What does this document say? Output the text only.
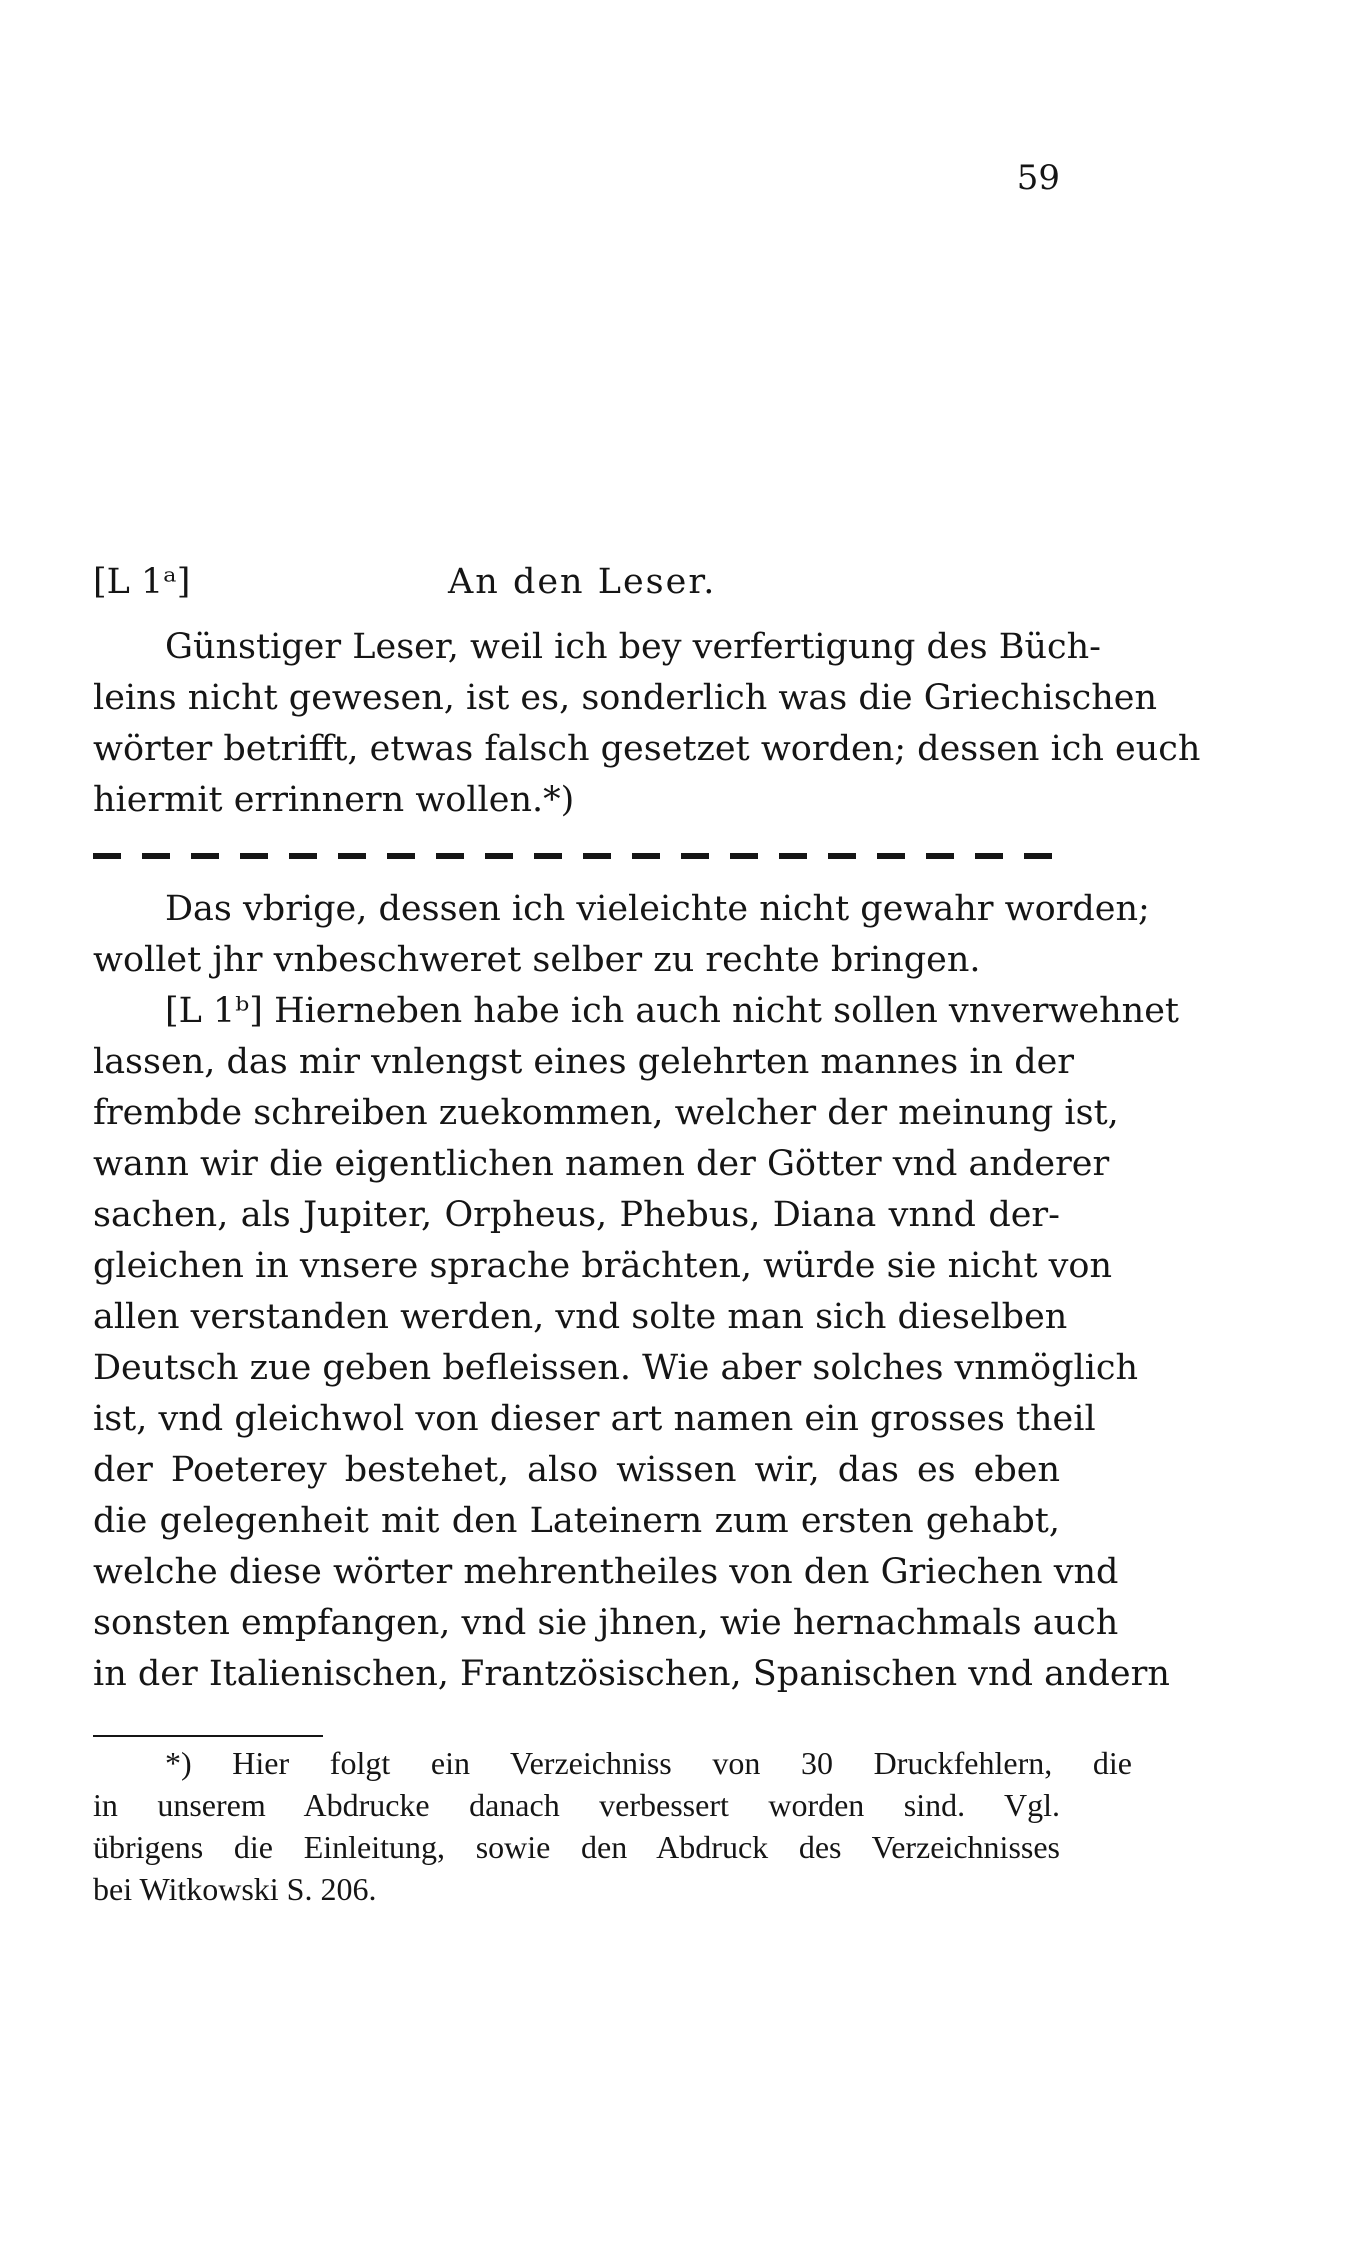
59
[L 1ᵃ]	An den Leser.
Günstiger Leser, weil ich bey verfertigung des Büch-
leins nicht gewesen, ist es, sonderlich was die Griechischen
wörter betrifft, etwas falsch gesetzet worden; dessen ich euch
hiermit errinnern wollen.*)
Das vbrige, dessen ich vieleichte nicht gewahr worden;
wollet jhr vnbeschweret selber zu rechte bringen.
[L 1ᵇ] Hierneben habe ich auch nicht sollen vnverwehnet
lassen, das mir vnlengst eines gelehrten mannes in der
frembde schreiben zuekommen, welcher der meinung ist,
wann wir die eigentlichen namen der Götter vnd anderer
sachen, als Jupiter, Orpheus, Phebus, Diana vnnd der-
gleichen in vnsere sprache brächten, würde sie nicht von
allen verstanden werden, vnd solte man sich dieselben
Deutsch zue geben befleissen. Wie aber solches vnmöglich
ist, vnd gleichwol von dieser art namen ein grosses theil
der Poeterey bestehet, also wissen wir, das es eben
die gelegenheit mit den Lateinern zum ersten gehabt,
welche diese wörter mehrentheiles von den Griechen vnd
sonsten empfangen, vnd sie jhnen, wie hernachmals auch
in der Italienischen, Frantzösischen, Spanischen vnd andern
*) Hier folgt ein Verzeichniss von 30 Druckfehlern, die
in unserem Abdrucke danach verbessert worden sind. Vgl.
übrigens die Einleitung, sowie den Abdruck des Verzeichnisses
bei Witkowski S. 206.
